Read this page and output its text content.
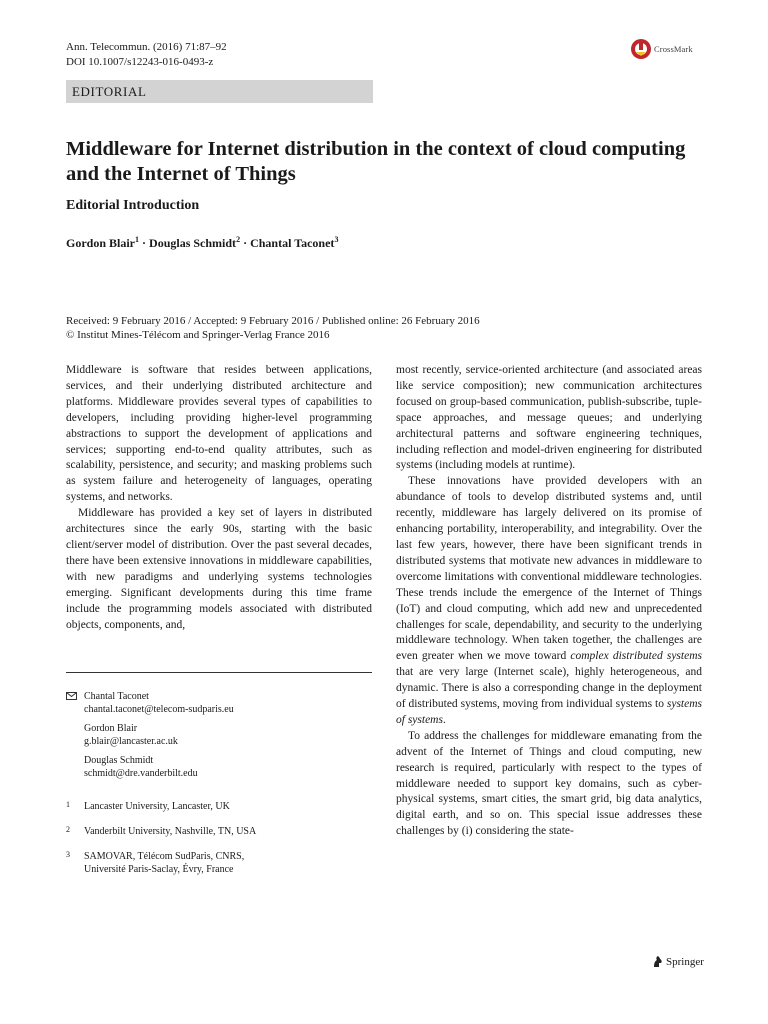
Ann. Telecommun. (2016) 71:87–92
DOI 10.1007/s12243-016-0493-z
CrossMark
EDITORIAL
Middleware for Internet distribution in the context of cloud computing and the Internet of Things
Editorial Introduction
Gordon Blair$^1$ · Douglas Schmidt$^2$ · Chantal Taconet$^3$
Received: 9 February 2016 / Accepted: 9 February 2016 / Published online: 26 February 2016
© Institut Mines-Télécom and Springer-Verlag France 2016

Middleware is software that resides between applications, services, and their underlying distributed architecture and platforms. Middleware provides several types of capabilities to developers, including providing higher-level programming abstractions to support the development of applications and services; supporting end-to-end quality attributes, such as scalability, persistence, and security; and masking problems such as system failure and heterogeneity of languages, operating systems, and networks.

Middleware has provided a key set of layers in distributed architectures since the early 90s, starting with the basic client/server model of distribution. Over the past several decades, there have been extensive innovations in middleware capabilities, with new paradigms and underlying systems technologies emerging. Significant developments during this time frame include the programming models associated with distributed objects, components, and,

most recently, service-oriented architecture (and associated areas like service composition); new communication architectures focused on group-based communication, publish-subscribe, tuple-space approaches, and message queues; and underlying architectural patterns and software engineering techniques, including reflection and model-driven engineering for distributed systems (including models at runtime).

These innovations have provided developers with an abundance of tools to develop distributed systems and, until recently, middleware has largely delivered on its promise of enhancing portability, interoperability, and integrability. Over the last few years, however, there have been significant trends in distributed systems that motivate new advances in middleware to overcome limitations with conventional middleware technologies. These trends include the emergence of the Internet of Things (IoT) and cloud computing, which add new and unprecedented challenges for scale, dependability, and security to the underlying middleware technology. When taken together, the challenges are even greater when we move toward complex distributed systems that are very large (Internet scale), highly heterogeneous, and dynamic. There is also a corresponding change in the deployment of distributed systems, moving from individual systems to systems of systems.

To address the challenges for middleware emanating from the advent of the Internet of Things and cloud computing, new research is required, particularly with respect to the types of middleware needed to support key domains, such as cyber-physical systems, smart cities, the smart grid, big data analytics, digital earth, and so on. This special issue addresses these challenges by (i) considering the state-

Chantal Taconet
chantal.taconet@telecom-sudparis.eu
Gordon Blair
g.blair@lancaster.ac.uk
Douglas Schmidt
schmidt@dre.vanderbilt.edu
1	Lancaster University, Lancaster, UK
2	Vanderbilt University, Nashville, TN, USA
3	SAMOVAR, Télécom SudParis, CNRS,
Université Paris-Saclay, Évry, France
Springer
